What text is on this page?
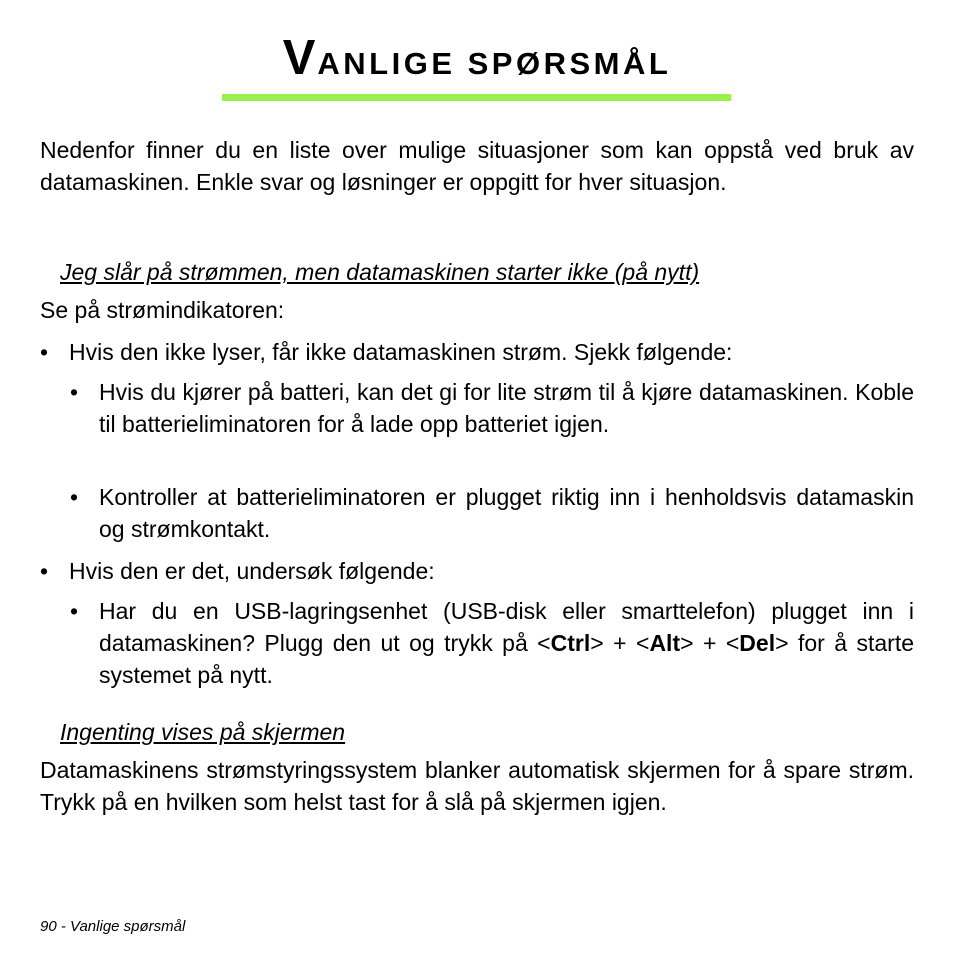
VANLIGE SPØRSMÅL

Nedenfor finner du en liste over mulige situasjoner som kan oppstå ved bruk av datamaskinen. Enkle svar og løsninger er oppgitt for hver situasjon.

Jeg slår på strømmen, men datamaskinen starter ikke (på nytt)

Se på strømindikatoren:

• Hvis den ikke lyser, får ikke datamaskinen strøm. Sjekk følgende:
• Hvis du kjører på batteri, kan det gi for lite strøm til å kjøre datamaskinen. Koble til batterieliminatoren for å lade opp batteriet igjen.
• Kontroller at batterieliminatoren er plugget riktig inn i henholdsvis datamaskin og strømkontakt.
• Hvis den er det, undersøk følgende:
• Har du en USB-lagringsenhet (USB-disk eller smarttelefon) plugget inn i datamaskinen? Plugg den ut og trykk på <Ctrl> + <Alt> + <Del> for å starte systemet på nytt.

Ingenting vises på skjermen

Datamaskinens strømstyringssystem blanker automatisk skjermen for å spare strøm. Trykk på en hvilken som helst tast for å slå på skjermen igjen.

90 - Vanlige spørsmål
